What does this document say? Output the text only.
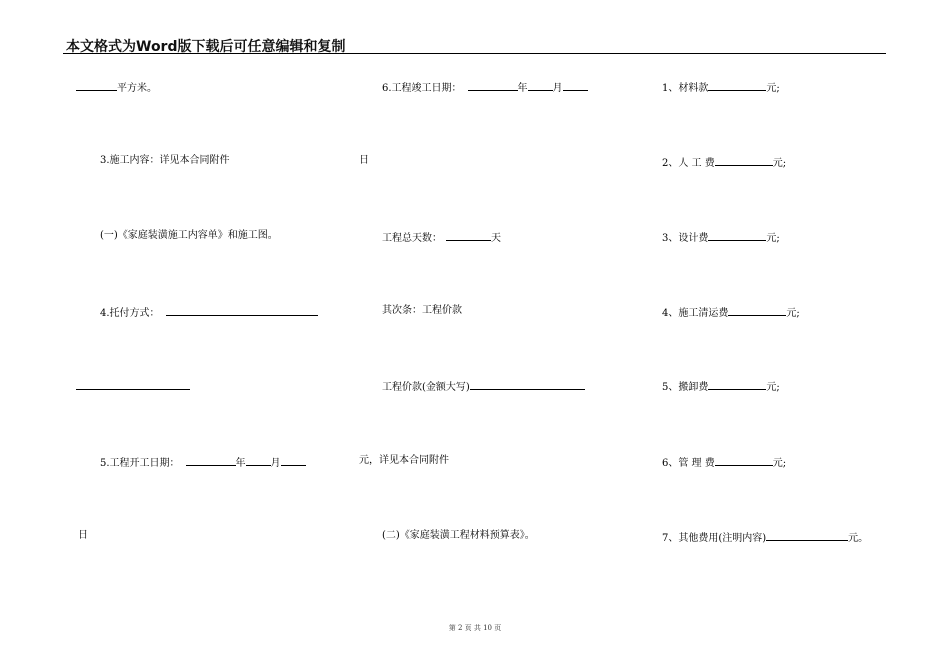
本文格式为Word版下载后可任意编辑和复制
平方米。
3.施工内容：详见本合同附件
(一)《家庭装潢施工内容单》和施工图。
4.托付方式：
5.工程开工日期：	年	月
日
6.工程竣工日期：	年	月
日
工程总天数：	天
其次条：工程价款
工程价款(金额大写)
元，详见本合同附件
(二)《家庭装潢工程材料预算表》。
1、材料款	元;
2、人 工 费	元;
3、设计费	元;
4、施工清运费	元;
5、搬卸费	元;
6、管 理 费	元;
7、其他费用(注明内容)	元。
第 2 页 共 10 页
